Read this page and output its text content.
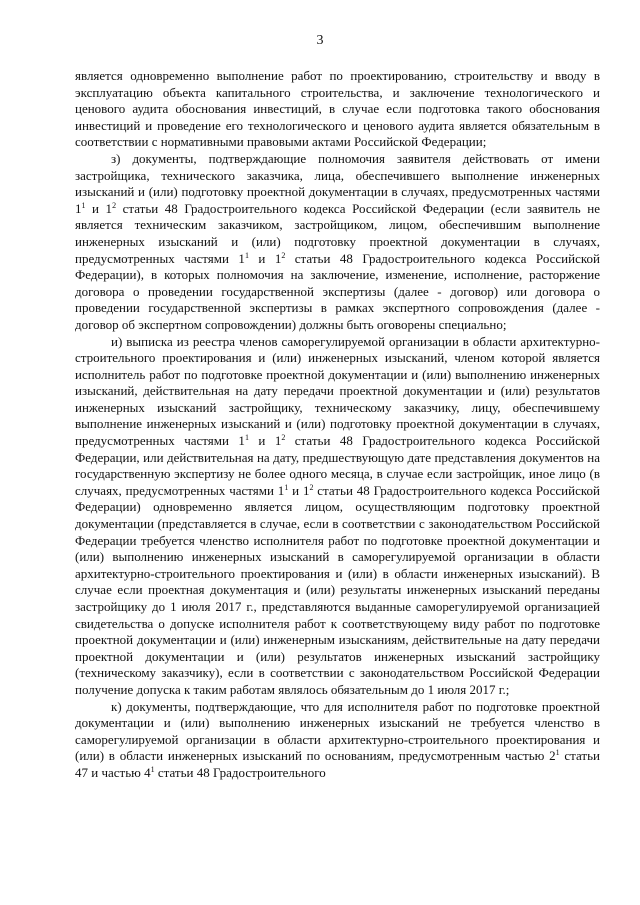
3

является одновременно выполнение работ по проектированию, строительству и вводу в эксплуатацию объекта капитального строительства, и заключение технологического и ценового аудита обоснования инвестиций, в случае если подготовка такого обоснования инвестиций и проведение его технологического и ценового аудита является обязательным в соответствии с нормативными правовыми актами Российской Федерации;

з) документы, подтверждающие полномочия заявителя действовать от имени застройщика, технического заказчика, лица, обеспечившего выполнение инженерных изысканий и (или) подготовку проектной документации в случаях, предусмотренных частями $1^1$ и $1^2$ статьи 48 Градостроительного кодекса Российской Федерации (если заявитель не является техническим заказчиком, застройщиком, лицом, обеспечившим выполнение инженерных изысканий и (или) подготовку проектной документации в случаях, предусмотренных частями $1^1$ и $1^2$ статьи 48 Градостроительного кодекса Российской Федерации), в которых полномочия на заключение, изменение, исполнение, расторжение договора о проведении государственной экспертизы (далее - договор) или договора о проведении государственной экспертизы в рамках экспертного сопровождения (далее - договор об экспертном сопровождении) должны быть оговорены специально;

и) выписка из реестра членов саморегулируемой организации в области архитектурно-строительного проектирования и (или) инженерных изысканий, членом которой является исполнитель работ по подготовке проектной документации и (или) выполнению инженерных изысканий, действительная на дату передачи проектной документации и (или) результатов инженерных изысканий застройщику, техническому заказчику, лицу, обеспечившему выполнение инженерных изысканий и (или) подготовку проектной документации в случаях, предусмотренных частями $1^1$ и $1^2$ статьи 48 Градостроительного кодекса Российской Федерации, или действительная на дату, предшествующую дате представления документов на государственную экспертизу не более одного месяца, в случае если застройщик, иное лицо (в случаях, предусмотренных частями $1^1$ и $1^2$ статьи 48 Градостроительного кодекса Российской Федерации) одновременно является лицом, осуществляющим подготовку проектной документации (представляется в случае, если в соответствии с законодательством Российской Федерации требуется членство исполнителя работ по подготовке проектной документации и (или) выполнению инженерных изысканий в саморегулируемой организации в области архитектурно-строительного проектирования и (или) в области инженерных изысканий). В случае если проектная документация и (или) результаты инженерных изысканий переданы застройщику до 1 июля 2017 г., представляются выданные саморегулируемой организацией свидетельства о допуске исполнителя работ к соответствующему виду работ по подготовке проектной документации и (или) инженерным изысканиям, действительные на дату передачи проектной документации и (или) результатов инженерных изысканий застройщику (техническому заказчику), если в соответствии с законодательством Российской Федерации получение допуска к таким работам являлось обязательным до 1 июля 2017 г.;

к) документы, подтверждающие, что для исполнителя работ по подготовке проектной документации и (или) выполнению инженерных изысканий не требуется членство в саморегулируемой организации в области архитектурно-строительного проектирования и (или) в области инженерных изысканий по основаниям, предусмотренным частью $2^1$ статьи 47 и частью $4^1$ статьи 48 Градостроительного
